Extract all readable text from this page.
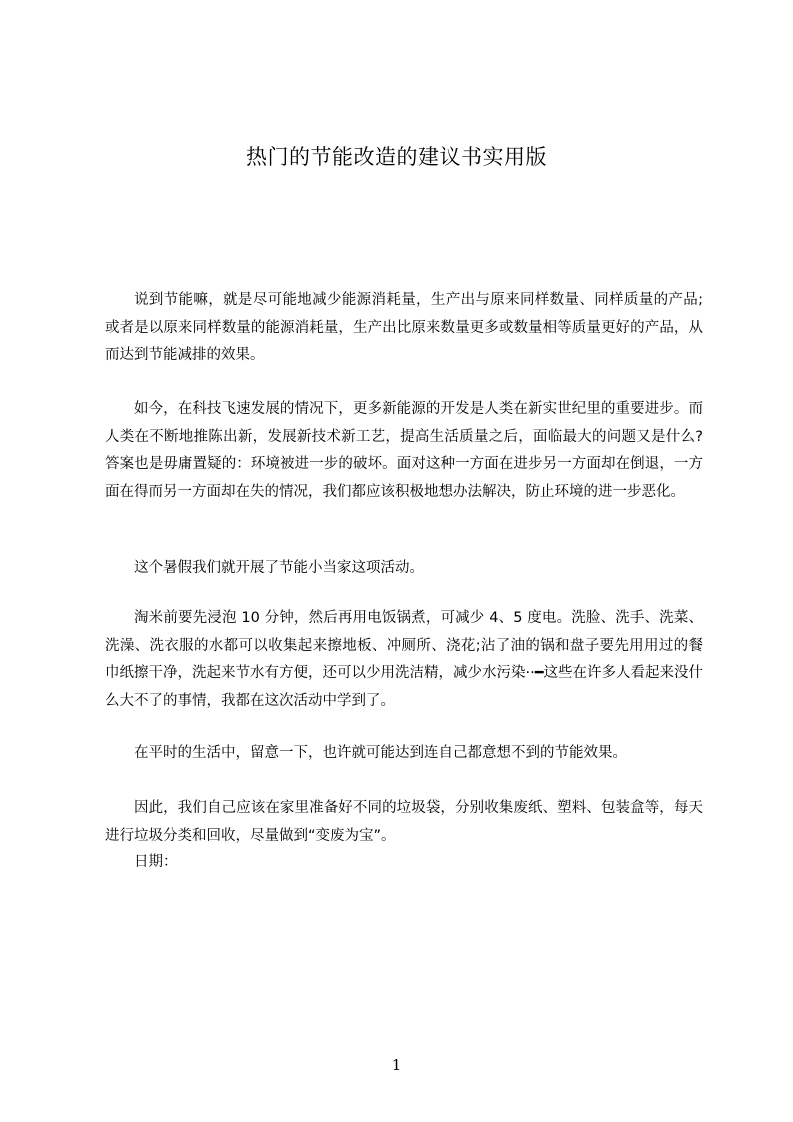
热门的节能改造的建议书实用版

说到节能嘛，就是尽可能地减少能源消耗量，生产出与原来同样数量、同样质量的产品;或者是以原来同样数量的能源消耗量，生产出比原来数量更多或数量相等质量更好的产品，从而达到节能减排的效果。

如今，在科技飞速发展的情况下，更多新能源的开发是人类在新实世纪里的重要进步。而人类在不断地推陈出新，发展新技术新工艺，提高生活质量之后，面临最大的问题又是什么?答案也是毋庸置疑的：环境被进一步的破坏。面对这种一方面在进步另一方面却在倒退，一方面在得而另一方面却在失的情况，我们都应该积极地想办法解决，防止环境的进一步恶化。

这个暑假我们就开展了节能小当家这项活动。

淘米前要先浸泡 10 分钟，然后再用电饭锅煮，可减少 4、5 度电。洗脸、洗手、洗菜、洗澡、洗衣服的水都可以收集起来擦地板、冲厕所、浇花;沾了油的锅和盘子要先用用过的餐巾纸擦干净，洗起来节水有方便，还可以少用洗洁精，减少水污染··━这些在许多人看起来没什么大不了的事情，我都在这次活动中学到了。

在平时的生活中，留意一下，也许就可能达到连自己都意想不到的节能效果。

因此，我们自己应该在家里准备好不同的垃圾袋，分别收集废纸、塑料、包装盒等，每天进行垃圾分类和回收，尽量做到“变废为宝”。

日期：

1
